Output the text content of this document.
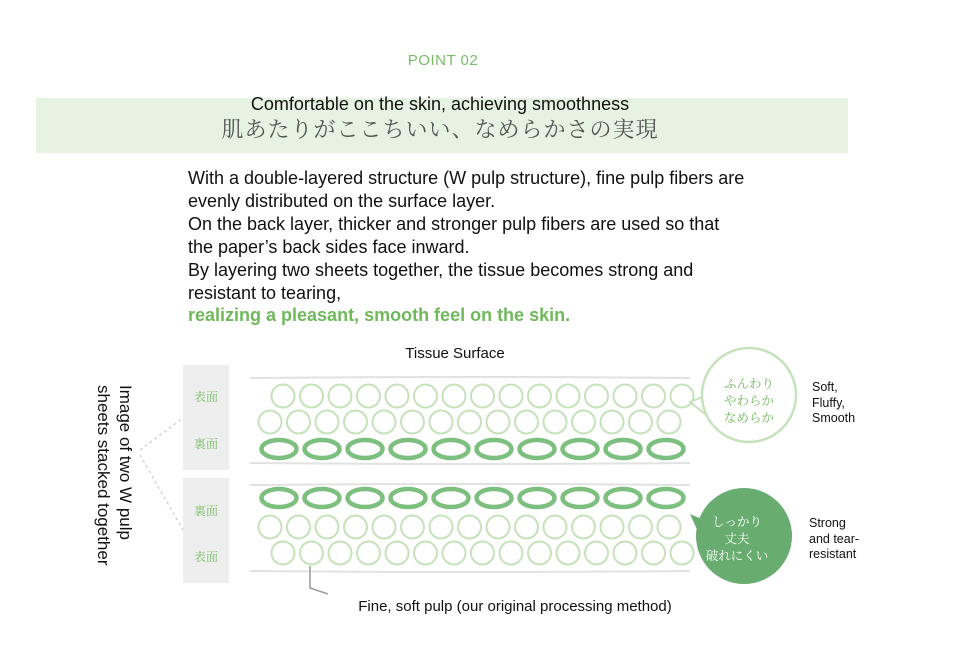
POINT 02
Comfortable on the skin, achieving smoothness
肌あたりがここちいい、なめらかさの実現
With a double-layered structure (W pulp structure), fine pulp fibers are evenly distributed on the surface layer.
On the back layer, thicker and stronger pulp fibers are used so that the paper’s back sides face inward.
By layering two sheets together, the tissue becomes strong and resistant to tearing,
realizing a pleasant, smooth feel on the skin.
Tissue Surface
Image of two W pulp sheets stacked together	表面
裏面
裏面
表面
ふんわり
やわらか
なめらか
しっかり
丈夫
破れにくい
Soft,
Fluffy,
Smooth
Strong
and tear-
resistant
Fine, soft pulp (our original processing method)
